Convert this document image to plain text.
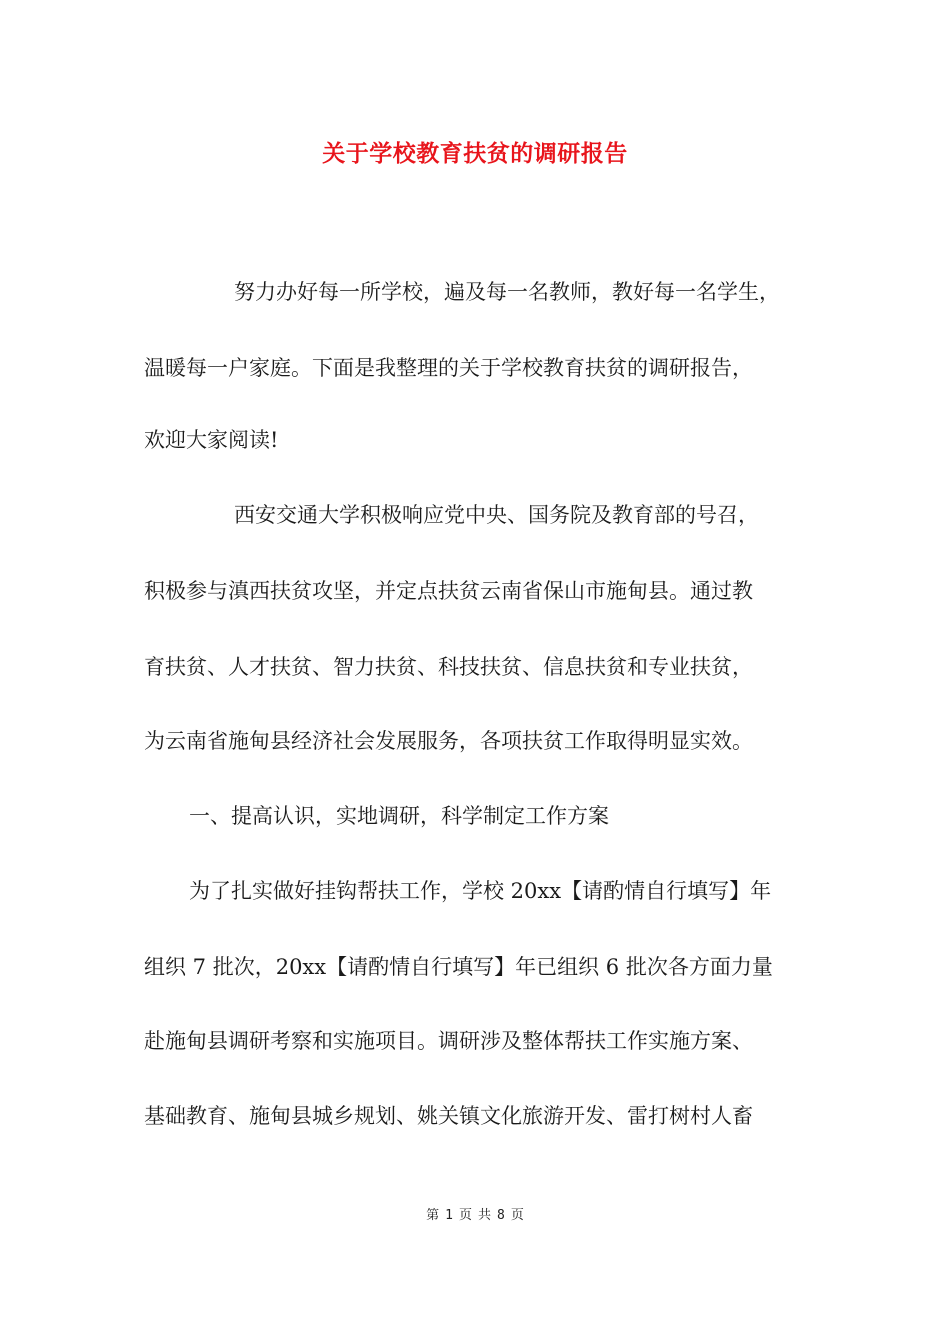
关于学校教育扶贫的调研报告
努力办好每一所学校，遍及每一名教师，教好每一名学生，
温暖每一户家庭。下面是我整理的关于学校教育扶贫的调研报告，
欢迎大家阅读!
西安交通大学积极响应党中央、国务院及教育部的号召，
积极参与滇西扶贫攻坚，并定点扶贫云南省保山市施甸县。通过教
育扶贫、人才扶贫、智力扶贫、科技扶贫、信息扶贫和专业扶贫，
为云南省施甸县经济社会发展服务，各项扶贫工作取得明显实效。
一、提高认识，实地调研，科学制定工作方案
为了扎实做好挂钩帮扶工作，学校 20xx【请酌情自行填写】年
组织 7 批次，20xx【请酌情自行填写】年已组织 6 批次各方面力量
赴施甸县调研考察和实施项目。调研涉及整体帮扶工作实施方案、
基础教育、施甸县城乡规划、姚关镇文化旅游开发、雷打树村人畜
第 1 页 共 8 页
